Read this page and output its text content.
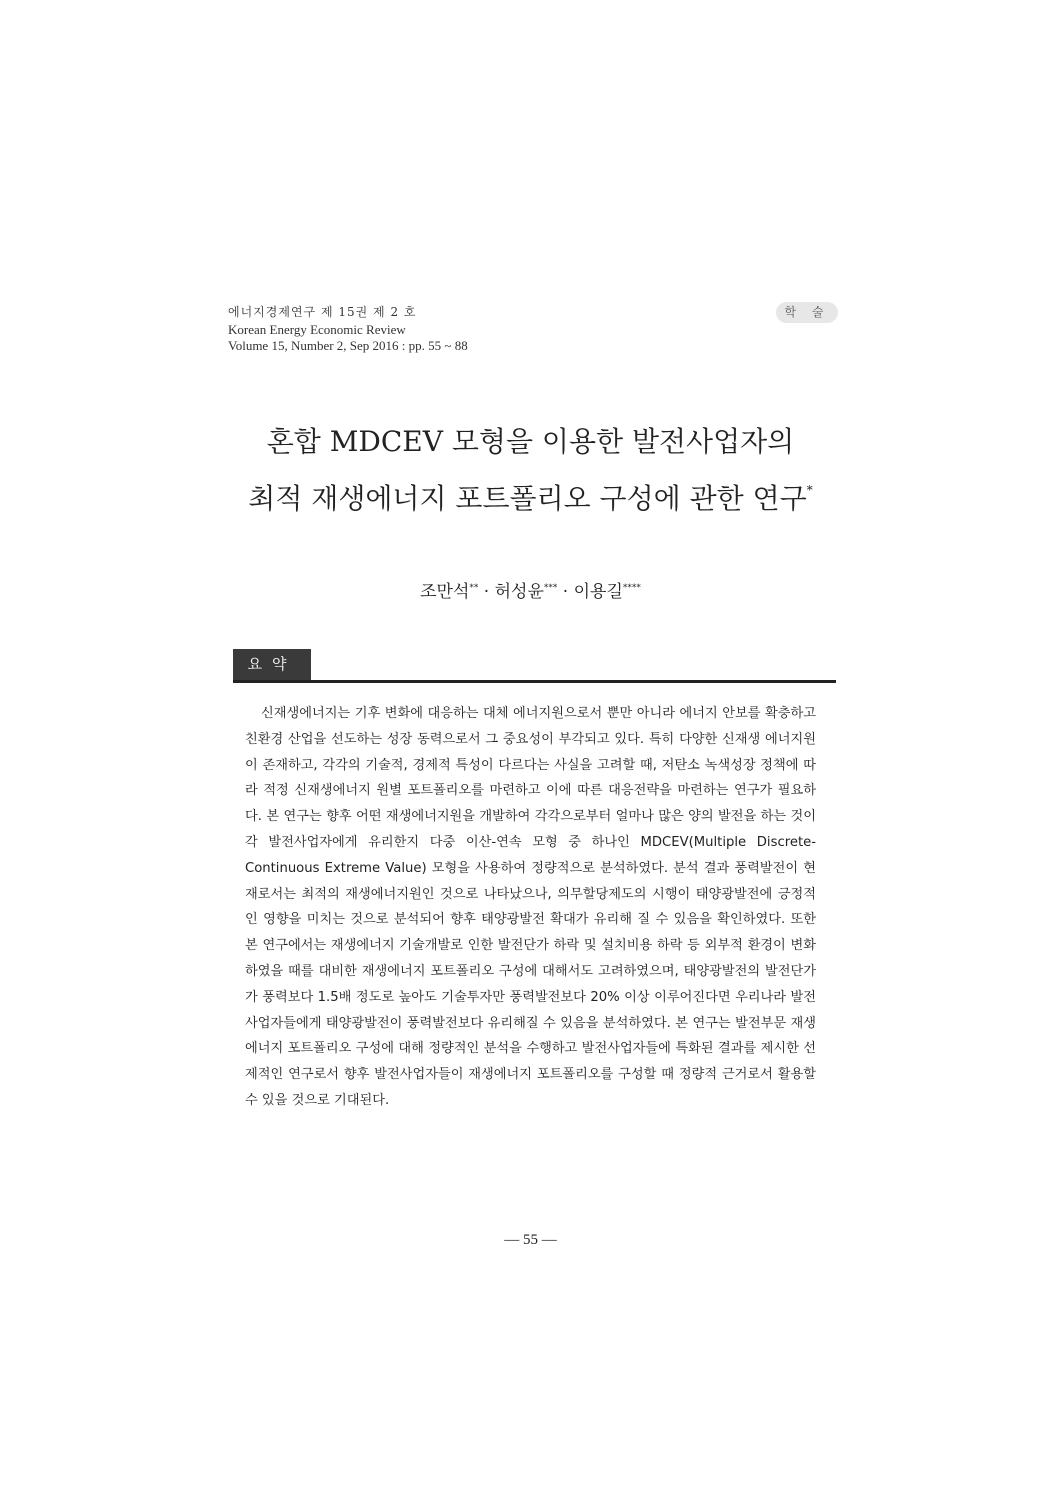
에너지경제연구 제 15권 제 2 호
Korean Energy Economic Review
Volume 15, Number 2, Sep 2016 : pp. 55 ~ 88
학 술
혼합 MDCEV 모형을 이용한 발전사업자의
최적 재생에너지 포트폴리오 구성에 관한 연구*
조만석** · 허성윤*** · 이용길****
요약
신재생에너지는 기후 변화에 대응하는 대체 에너지원으로서 뿐만 아니라 에너지 안보를 확충하고 친환경 산업을 선도하는 성장 동력으로서 그 중요성이 부각되고 있다. 특히 다양한 신재생 에너지원이 존재하고, 각각의 기술적, 경제적 특성이 다르다는 사실을 고려할 때, 저탄소 녹색성장 정책에 따라 적정 신재생에너지 원별 포트폴리오를 마련하고 이에 따른 대응전략을 마련하는 연구가 필요하다. 본 연구는 향후 어떤 재생에너지원을 개발하여 각각으로부터 얼마나 많은 양의 발전을 하는 것이 각 발전사업자에게 유리한지 다중 이산-연속 모형 중 하나인 MDCEV(Multiple Discrete-Continuous Extreme Value) 모형을 사용하여 정량적으로 분석하였다. 분석 결과 풍력발전이 현재로서는 최적의 재생에너지원인 것으로 나타났으나, 의무할당제도의 시행이 태양광발전에 긍정적인 영향을 미치는 것으로 분석되어 향후 태양광발전 확대가 유리해 질 수 있음을 확인하였다. 또한 본 연구에서는 재생에너지 기술개발로 인한 발전단가 하락 및 설치비용 하락 등 외부적 환경이 변화하였을 때를 대비한 재생에너지 포트폴리오 구성에 대해서도 고려하였으며, 태양광발전의 발전단가가 풍력보다 1.5배 정도로 높아도 기술투자만 풍력발전보다 20% 이상 이루어진다면 우리나라 발전사업자들에게 태양광발전이 풍력발전보다 유리해질 수 있음을 분석하였다. 본 연구는 발전부문 재생에너지 포트폴리오 구성에 대해 정량적인 분석을 수행하고 발전사업자들에 특화된 결과를 제시한 선제적인 연구로서 향후 발전사업자들이 재생에너지 포트폴리오를 구성할 때 정량적 근거로서 활용할 수 있을 것으로 기대된다.
— 55 —
